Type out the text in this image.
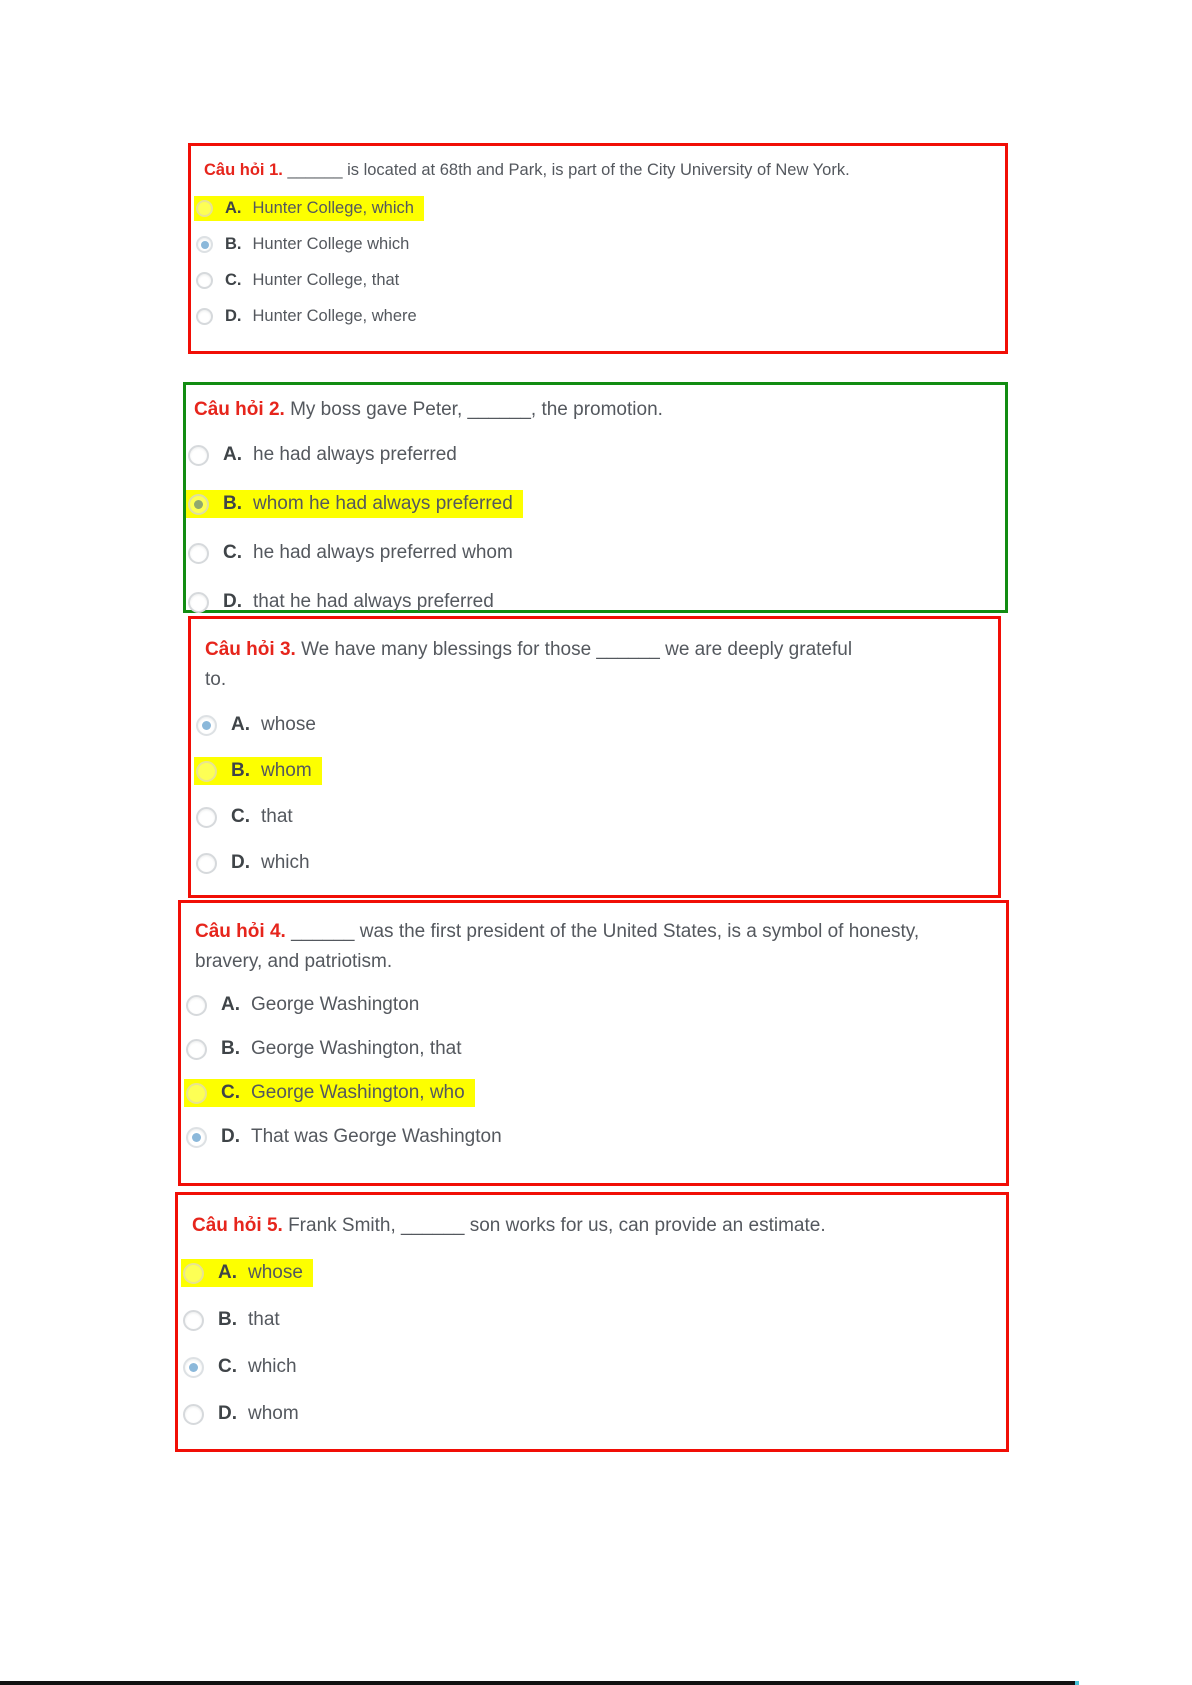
Câu hỏi 1. ______ is located at 68th and Park, is part of the City University of New York.
A. Hunter College, which
B. Hunter College which
C. Hunter College, that
D. Hunter College, where
Câu hỏi 2. My boss gave Peter, ______, the promotion.
A. he had always preferred
B. whom he had always preferred
C. he had always preferred whom
D. that he had always preferred
Câu hỏi 3. We have many blessings for those ______ we are deeply grateful to.
A. whose
B. whom
C. that
D. which
Câu hỏi 4. ______ was the first president of the United States, is a symbol of honesty, bravery, and patriotism.
A. George Washington
B. George Washington, that
C. George Washington, who
D. That was George Washington
Câu hỏi 5. Frank Smith, ______ son works for us, can provide an estimate.
A. whose
B. that
C. which
D. whom
